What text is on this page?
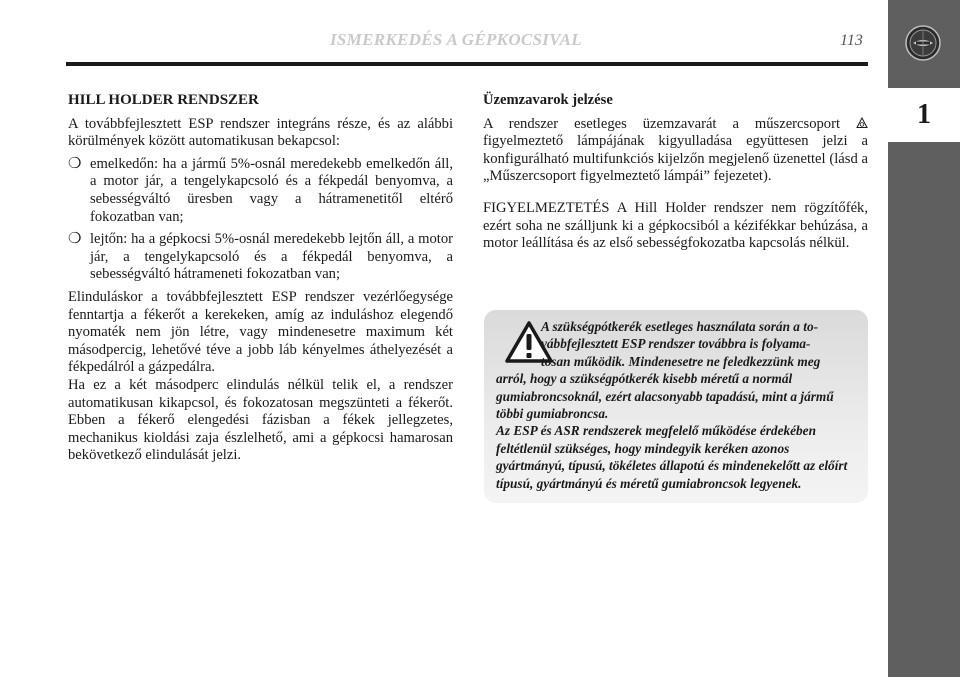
ISMERKEDÉS A GÉPKOCSIVAL	113
1
HILL HOLDER RENDSZER

A továbbfejlesztett ESP rendszer integráns része, és az alábbi körülmények között automatikusan bekapcsol:

❍ emelkedőn: ha a jármű 5%-osnál meredekebb emelkedőn áll, a motor jár, a tengelykapcsoló és a fékpedál benyomva, a sebességváltó üresben vagy a hátramenetitől eltérő fokozatban van;
❍ lejtőn: ha a gépkocsi 5%-osnál meredekebb lejtőn áll, a motor jár, a tengelykapcsoló és a fékpedál benyomva, a sebességváltó hátrameneti fokozatban van;

Elinduláskor a továbbfejlesztett ESP rendszer vezérlőegysége fenntartja a fékerőt a kerekeken, amíg az induláshoz elegendő nyomaték nem jön létre, vagy mindenesetre maximum két másodpercig, lehetővé téve a jobb láb kényelmes áthelyezését a fékpedálról a gázpedálra.

Ha ez a két másodperc elindulás nélkül telik el, a rendszer automatikusan kikapcsol, és fokozatosan megszünteti a fékerőt. Ebben a fékerő elengedési fázisban a fékek jellegzetes, mechanikus kioldási zaja észlelhető, ami a gépkocsi hamarosan bekövetkező elindulását jelzi.

Üzemzavarok jelzése

A rendszer esetleges üzemzavarát a műszercsoport  figyelmeztető lámpájának kigyulladása együttesen jelzi a konfigurálható multifunkciós kijelzőn megjelenő üzenettel (lásd a „Műszercsoport figyelmeztető lámpái” fejezetet).

FIGYELMEZTETÉS A Hill Holder rendszer nem rögzítőfék, ezért soha ne szálljunk ki a gépkocsiból a kézifékkar behúzása, a motor leállítása és az első sebességfokozatba kapcsolás nélkül.

A szükségpótkerék esetleges használata során a to-
vábbfejlesztett ESP rendszer továbbra is folyama-
tosan működik. Mindenesetre ne feledkezzünk meg
arról, hogy a szükségpótkerék kisebb méretű a normál gumiabroncsoknál, ezért alacsonyabb tapadású, mint a jármű többi gumiabroncsa.
Az ESP és ASR rendszerek megfelelő működése érdekében feltétlenül szükséges, hogy mindegyik keréken azonos gyártmányú, típusú, tökéletes állapotú és mindenekelőtt az előírt típusú, gyártmányú és méretű gumiabroncsok legyenek.
